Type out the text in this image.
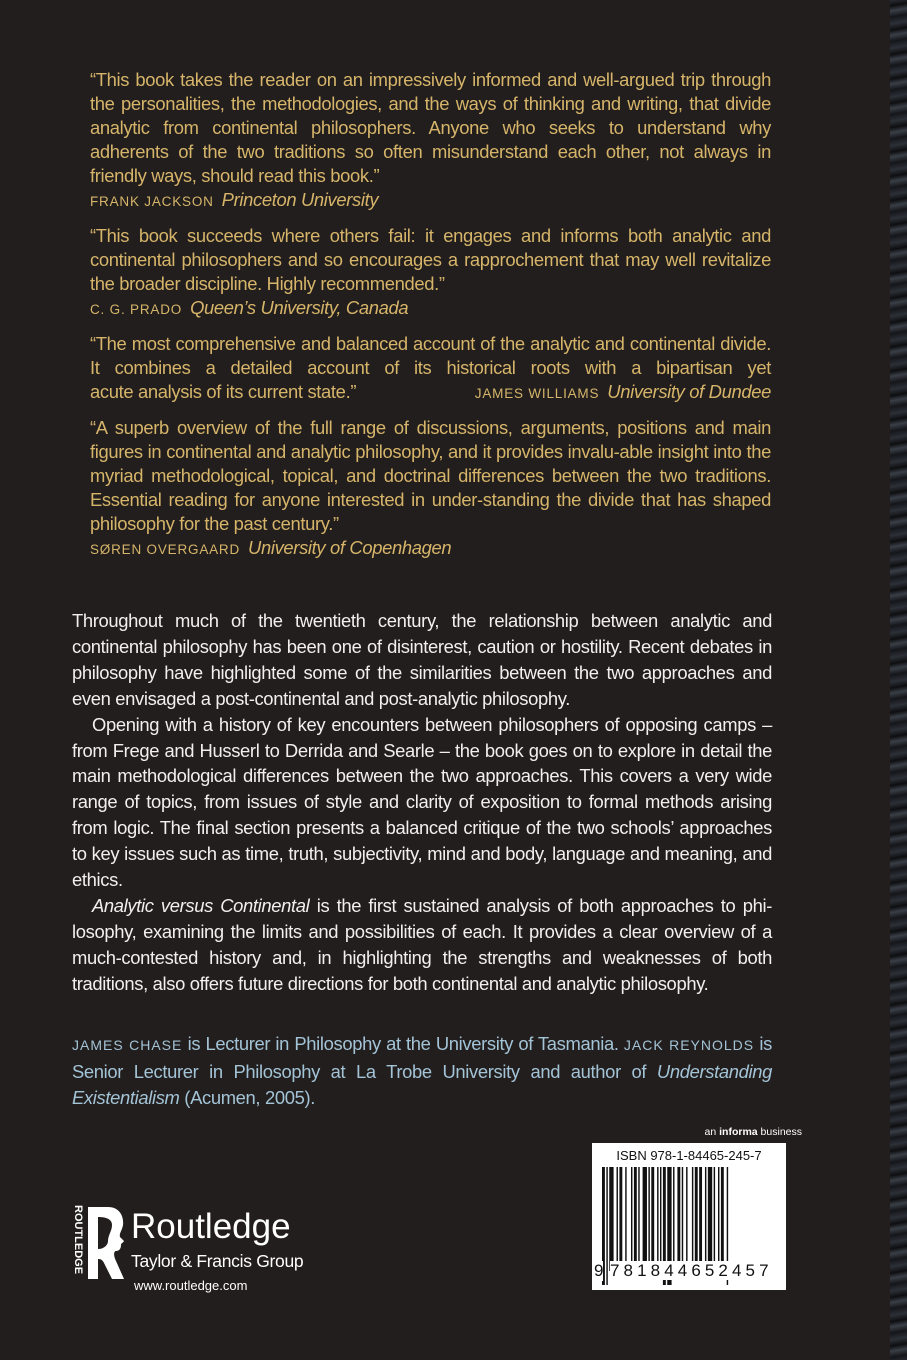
“This book takes the reader on an impressively informed and well-argued trip through the personalities, the methodologies, and the ways of thinking and writing, that divide analytic from continental philosophers. Anyone who seeks to understand why adherents of the two traditions so often misunderstand each other, not always in friendly ways, should read this book.”
FRANK JACKSON Princeton University
“This book succeeds where others fail: it engages and informs both analytic and continental philosophers and so encourages a rapprochement that may well revitalize the broader discipline. Highly recommended.”
C. G. PRADO Queen’s University, Canada
“The most comprehensive and balanced account of the analytic and continental divide. It combines a detailed account of its historical roots with a bipartisan yet
acute analysis of its current state.”	JAMES WILLIAMS University of Dundee
“A superb overview of the full range of discussions, arguments, positions and main figures in continental and analytic philosophy, and it provides invalu-able insight into the myriad methodological, topical, and doctrinal differences between the two traditions. Essential reading for anyone interested in under-standing the divide that has shaped philosophy for the past century.”
SØREN OVERGAARD University of Copenhagen

Throughout much of the twentieth century, the relationship between analytic and continental philosophy has been one of disinterest, caution or hostility. Recent debates in philosophy have highlighted some of the similarities between the two approaches and even envisaged a post-continental and post-analytic philosophy.

Opening with a history of key encounters between philosophers of opposing camps – from Frege and Husserl to Derrida and Searle – the book goes on to explore in detail the main methodological differences between the two approaches. This covers a very wide range of topics, from issues of style and clarity of exposition to formal methods arising from logic. The final section presents a balanced critique of the two schools’ approaches to key issues such as time, truth, subjectivity, mind and body, language and meaning, and ethics.

Analytic versus Continental is the first sustained analysis of both approaches to phi-losophy, examining the limits and possibilities of each. It provides a clear overview of a much-contested history and, in highlighting the strengths and weaknesses of both traditions, also offers future directions for both continental and analytic philosophy.

JAMES CHASE is Lecturer in Philosophy at the University of Tasmania. JACK REYNOLDS is Senior Lecturer in Philosophy at La Trobe University and author of Understanding Existentialism (Acumen, 2005).
an informa business
ISBN 978-1-84465-245-7
9 781844652457
ROUTLEDGE Routledge
Taylor & Francis Group
www.routledge.com
